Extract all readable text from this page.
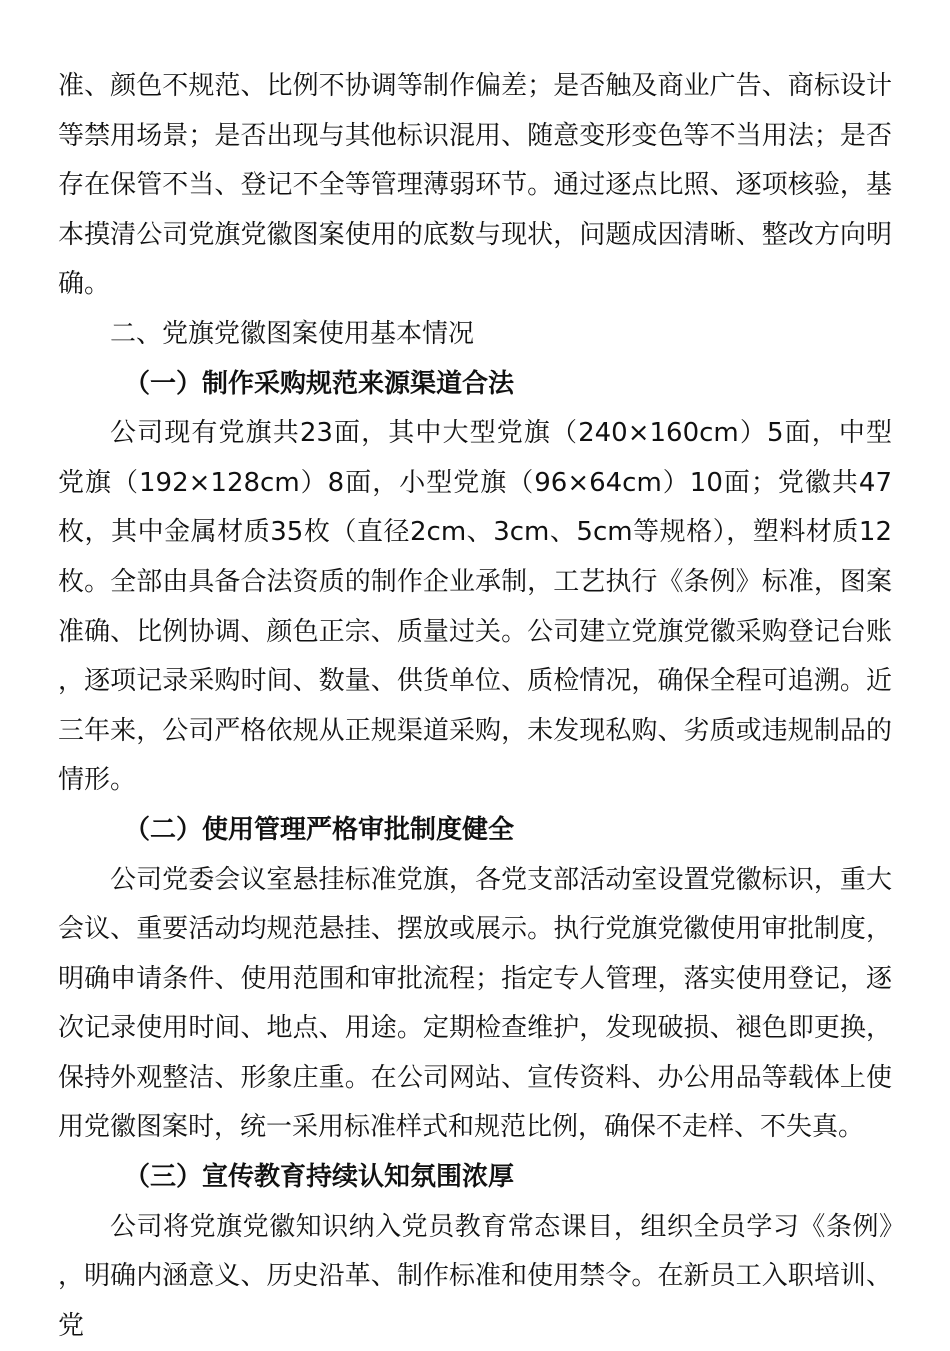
准、颜色不规范、比例不协调等制作偏差；是否触及商业广告、商标设计等禁用场景；是否出现与其他标识混用、随意变形变色等不当用法；是否存在保管不当、登记不全等管理薄弱环节。通过逐点比照、逐项核验，基本摸清公司党旗党徽图案使用的底数与现状，问题成因清晰、整改方向明确。

二、党旗党徽图案使用基本情况

（一）制作采购规范来源渠道合法

公司现有党旗共23面，其中大型党旗（240×160cm）5面，中型党旗（192×128cm）8面，小型党旗（96×64cm）10面；党徽共47枚，其中金属材质35枚（直径2cm、3cm、5cm等规格），塑料材质12枚。全部由具备合法资质的制作企业承制，工艺执行《条例》标准，图案准确、比例协调、颜色正宗、质量过关。公司建立党旗党徽采购登记台账，逐项记录采购时间、数量、供货单位、质检情况，确保全程可追溯。近三年来，公司严格依规从正规渠道采购，未发现私购、劣质或违规制品的情形。

（二）使用管理严格审批制度健全

公司党委会议室悬挂标准党旗，各党支部活动室设置党徽标识，重大会议、重要活动均规范悬挂、摆放或展示。执行党旗党徽使用审批制度，明确申请条件、使用范围和审批流程；指定专人管理，落实使用登记，逐次记录使用时间、地点、用途。定期检查维护，发现破损、褪色即更换，保持外观整洁、形象庄重。在公司网站、宣传资料、办公用品等载体上使用党徽图案时，统一采用标准样式和规范比例，确保不走样、不失真。

（三）宣传教育持续认知氛围浓厚

公司将党旗党徽知识纳入党员教育常态课目，组织全员学习《条例》，明确内涵意义、历史沿革、制作标准和使用禁令。在新员工入职培训、党
